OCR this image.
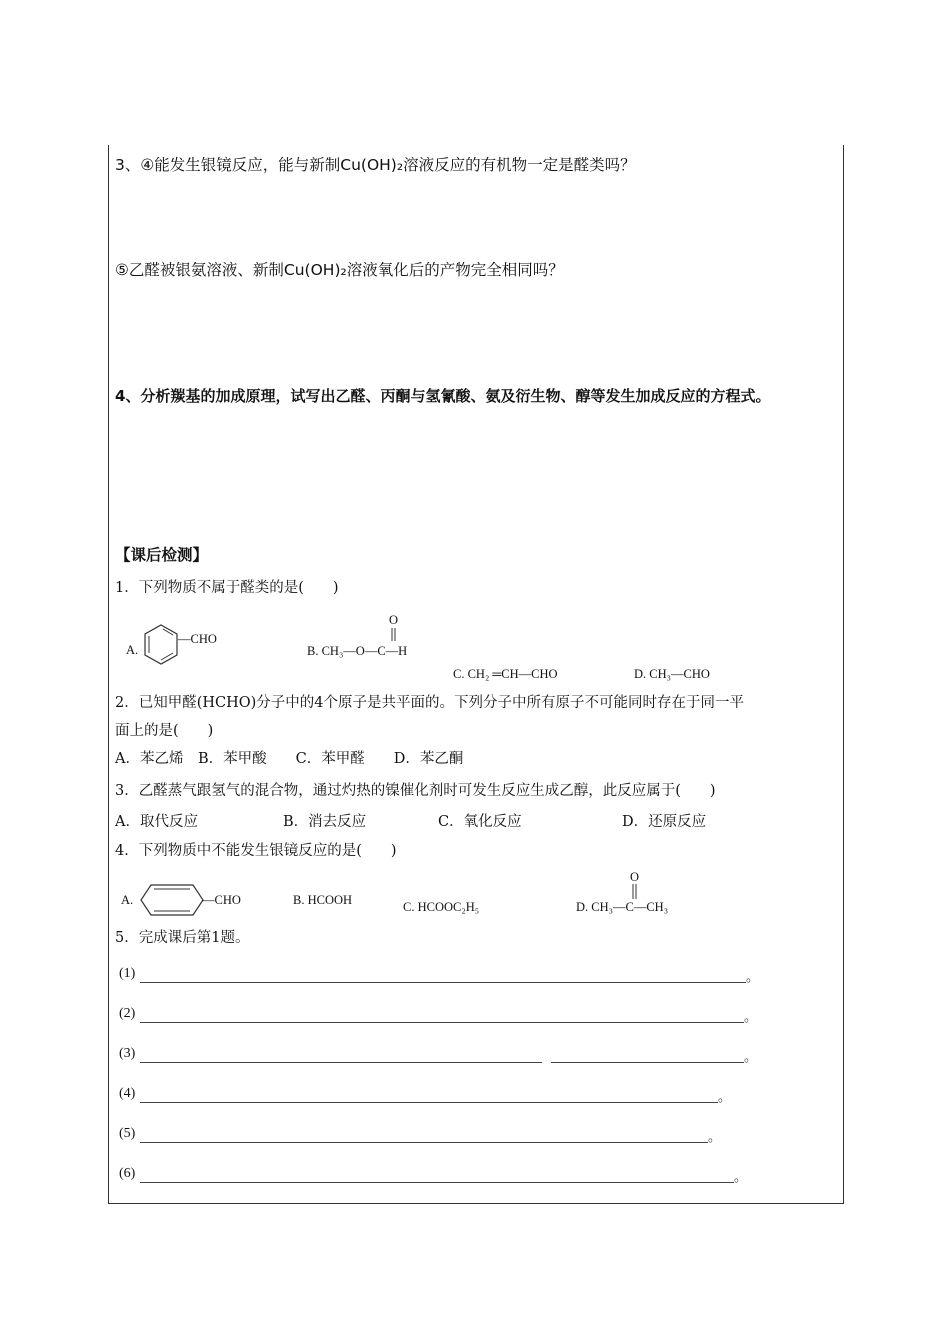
3、④能发生银镜反应，能与新制Cu(OH)₂溶液反应的有机物一定是醛类吗？
⑤乙醛被银氨溶液、新制Cu(OH)₂溶液氧化后的产物完全相同吗？
4、分析羰基的加成原理，试写出乙醛、丙酮与氢氰酸、氨及衍生物、醇等发生加成反应的方程式。
【课后检测】
1．下列物质不属于醛类的是(　　)
A.
—CHO
O
B. CH₃—O—C—H
C. CH₂ ═CH—CHO	D. CH₃—CHO
2．已知甲醛(HCHO)分子中的4个原子是共平面的。下列分子中所有原子不可能同时存在于同一平
面上的是(　　)
A．苯乙烯　B．苯甲酸　　C．苯甲醛　　D．苯乙酮
3．乙醛蒸气跟氢气的混合物，通过灼热的镍催化剂时可发生反应生成乙醇，此反应属于(　　)
A．取代反应	B．消去反应	C．氧化反应	D．还原反应
4．下列物质中不能发生银镜反应的是(　　)
A.	—CHO	B. HCOOH	C. HCOOC₂H₅
O
D. CH₃—C—CH₃
5．完成课后第1题。
(1)	。
(2)	。
(3)	。
(4)	。
(5)	。
(6)	。
